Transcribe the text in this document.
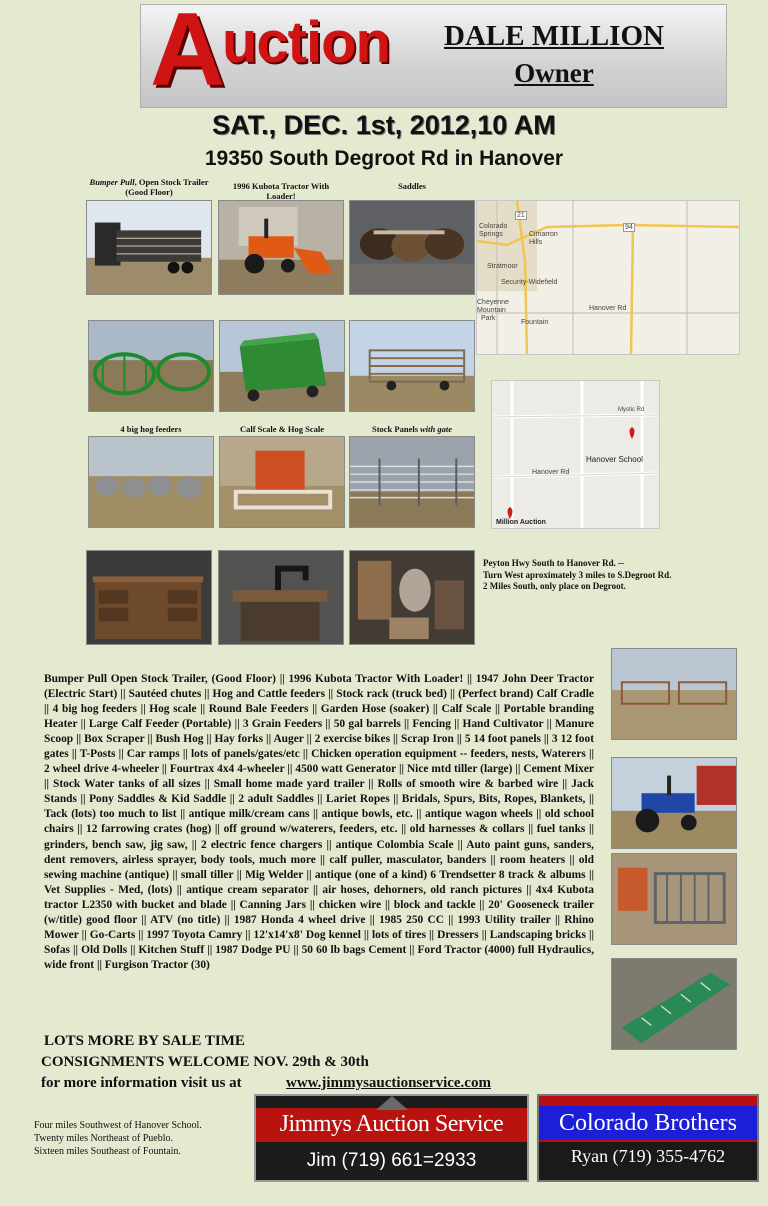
A
uction	DALE MILLION
Owner
SAT., DEC. 1st, 2012,10 AM
19350 South Degroot Rd in Hanover
Bumper Pull, Open Stock Trailer
(Good Floor)
1996 Kubota Tractor With Loader!
Saddles
4 big hog feeders	Calf Scale & Hog Scale	Stock Panels with gate
Cimarron
Hills
Colorado
Springs
Stratmoor
Security-Widefield
Fountain
Hanover Rd
Cheyenne
Mountain
Park
94
21
Hanover School
Hanover Rd
Million Auction
Mystic Rd
Peyton Hwy South to Hanover Rd. --
Turn West aproximately 3 miles to S.Degroot Rd.
2 Miles South, only place on Degroot.
Bumper Pull Open Stock Trailer, (Good Floor) || 1996 Kubota Tractor With Loader! || 1947 John Deer Tractor (Electric Start) || Sautéed chutes || Hog and Cattle feeders || Stock rack (truck bed) || (Perfect brand) Calf Cradle || 4 big hog feeders || Hog scale || Round Bale Feeders || Garden Hose (soaker) || Calf Scale || Portable branding Heater || Large Calf Feeder (Portable) || 3 Grain Feeders || 50 gal barrels || Fencing || Hand Cultivator || Manure Scoop || Box Scraper || Bush Hog || Hay forks || Auger || 2 exercise bikes || Scrap Iron || 5 14 foot panels || 3 12 foot gates || T-Posts || Car ramps || lots of panels/gates/etc || Chicken operation equipment -- feeders, nests, Waterers || 2 wheel drive 4-wheeler || Fourtrax 4x4 4-wheeler || 4500 watt Generator || Nice mtd tiller (large) || Cement Mixer || Stock Water tanks of all sizes || Small home made yard trailer || Rolls of smooth wire & barbed wire || Jack Stands || Pony Saddles & Kid Saddle || 2 adult Saddles || Lariet Ropes || Bridals, Spurs, Bits, Ropes, Blankets, || Tack (lots) too much to list || antique milk/cream cans || antique bowls, etc. || antique wagon wheels || old school chairs || 12 farrowing crates (hog) || off ground w/waterers, feeders, etc. || old harnesses & collars || fuel tanks || grinders, bench saw, jig saw, || 2 electric fence chargers || antique Colombia Scale || Auto paint guns, sanders, dent removers, airless sprayer, body tools, much more || calf puller, masculator, banders || room heaters || old sewing machine (antique) || small tiller || Mig Welder || antique (one of a kind) 6 Trendsetter 8 track & albums || Vet Supplies - Med, (lots) || antique cream separator || air hoses, dehorners, old ranch pictures || 4x4 Kubota tractor L2350 with bucket and blade || Canning Jars || chicken wire || block and tackle || 20' Gooseneck trailer (w/title) good floor || ATV (no title) || 1987 Honda 4 wheel drive || 1985 250 CC || 1993 Utility trailer || Rhino Mower || Go-Carts || 1997 Toyota Camry || 12'x14'x8' Dog kennel || lots of tires || Dressers || Landscaping bricks || Sofas || Old Dolls || Kitchen Stuff || 1987 Dodge PU || 50 60 lb bags Cement || Ford Tractor (4000) full Hydraulics, wide front || Furgison Tractor (30)
LOTS MORE BY SALE TIME
CONSIGNMENTS WELCOME NOV. 29th & 30th
for more information visit us at	www.jimmysauctionservice.com
Four miles Southwest of Hanover School.
Twenty miles Northeast of Pueblo.
Sixteen miles Southeast of Fountain.
Jimmys Auction Service
Jim (719) 661=2933
Colorado Brothers
Ryan (719) 355-4762
